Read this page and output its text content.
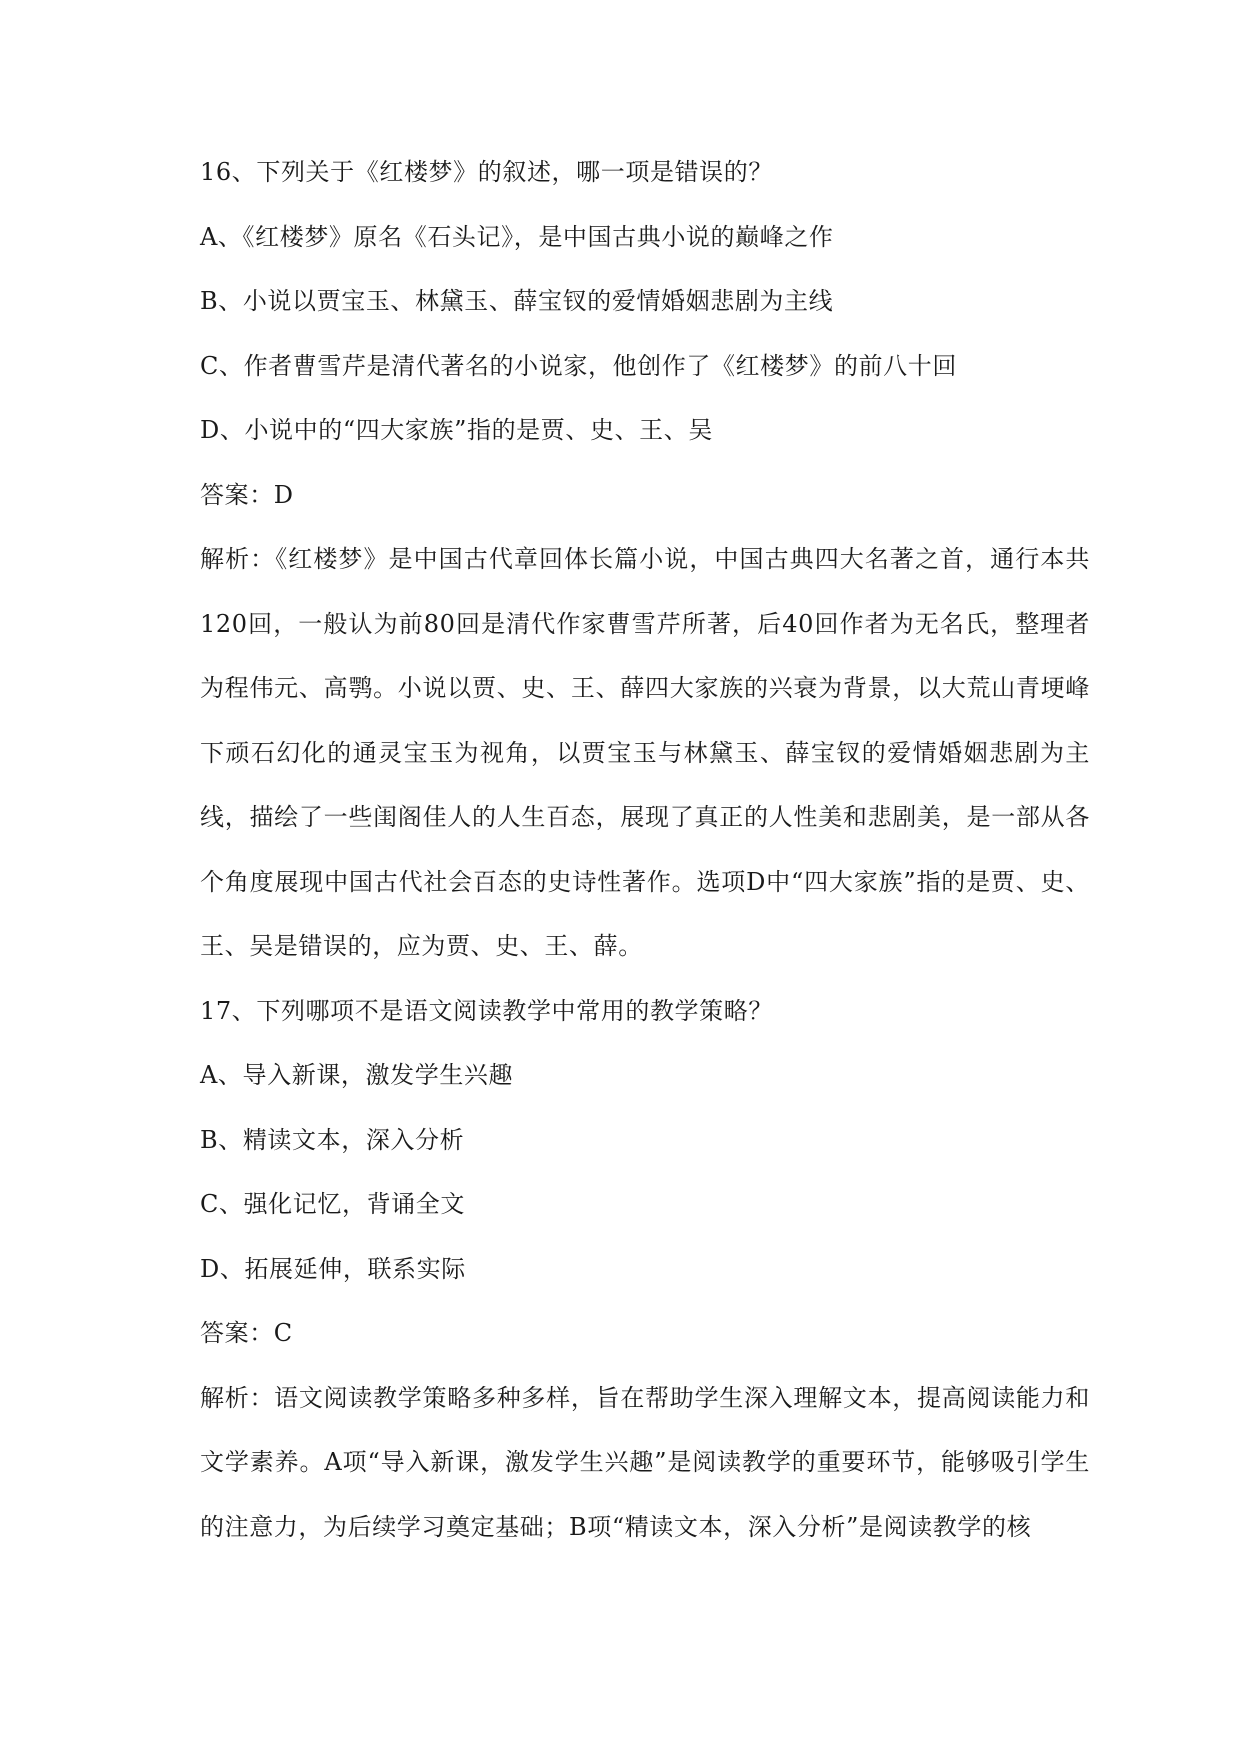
16、下列关于《红楼梦》的叙述，哪一项是错误的？
A、《红楼梦》原名《石头记》，是中国古典小说的巅峰之作
B、小说以贾宝玉、林黛玉、薛宝钗的爱情婚姻悲剧为主线
C、作者曹雪芹是清代著名的小说家，他创作了《红楼梦》的前八十回
D、小说中的“四大家族”指的是贾、史、王、吴
答案：D
解析：《红楼梦》是中国古代章回体长篇小说，中国古典四大名著之首，通行本共120回，一般认为前80回是清代作家曹雪芹所著，后40回作者为无名氏，整理者为程伟元、高鹗。小说以贾、史、王、薛四大家族的兴衰为背景，以大荒山青埂峰下顽石幻化的通灵宝玉为视角，以贾宝玉与林黛玉、薛宝钗的爱情婚姻悲剧为主线，描绘了一些闺阁佳人的人生百态，展现了真正的人性美和悲剧美，是一部从各个角度展现中国古代社会百态的史诗性著作。选项D中“四大家族”指的是贾、史、王、吴是错误的，应为贾、史、王、薛。
17、下列哪项不是语文阅读教学中常用的教学策略？
A、导入新课，激发学生兴趣
B、精读文本，深入分析
C、强化记忆，背诵全文
D、拓展延伸，联系实际
答案：C
解析：语文阅读教学策略多种多样，旨在帮助学生深入理解文本，提高阅读能力和文学素养。A项“导入新课，激发学生兴趣”是阅读教学的重要环节，能够吸引学生的注意力，为后续学习奠定基础；B项“精读文本，深入分析”是阅读教学的核
